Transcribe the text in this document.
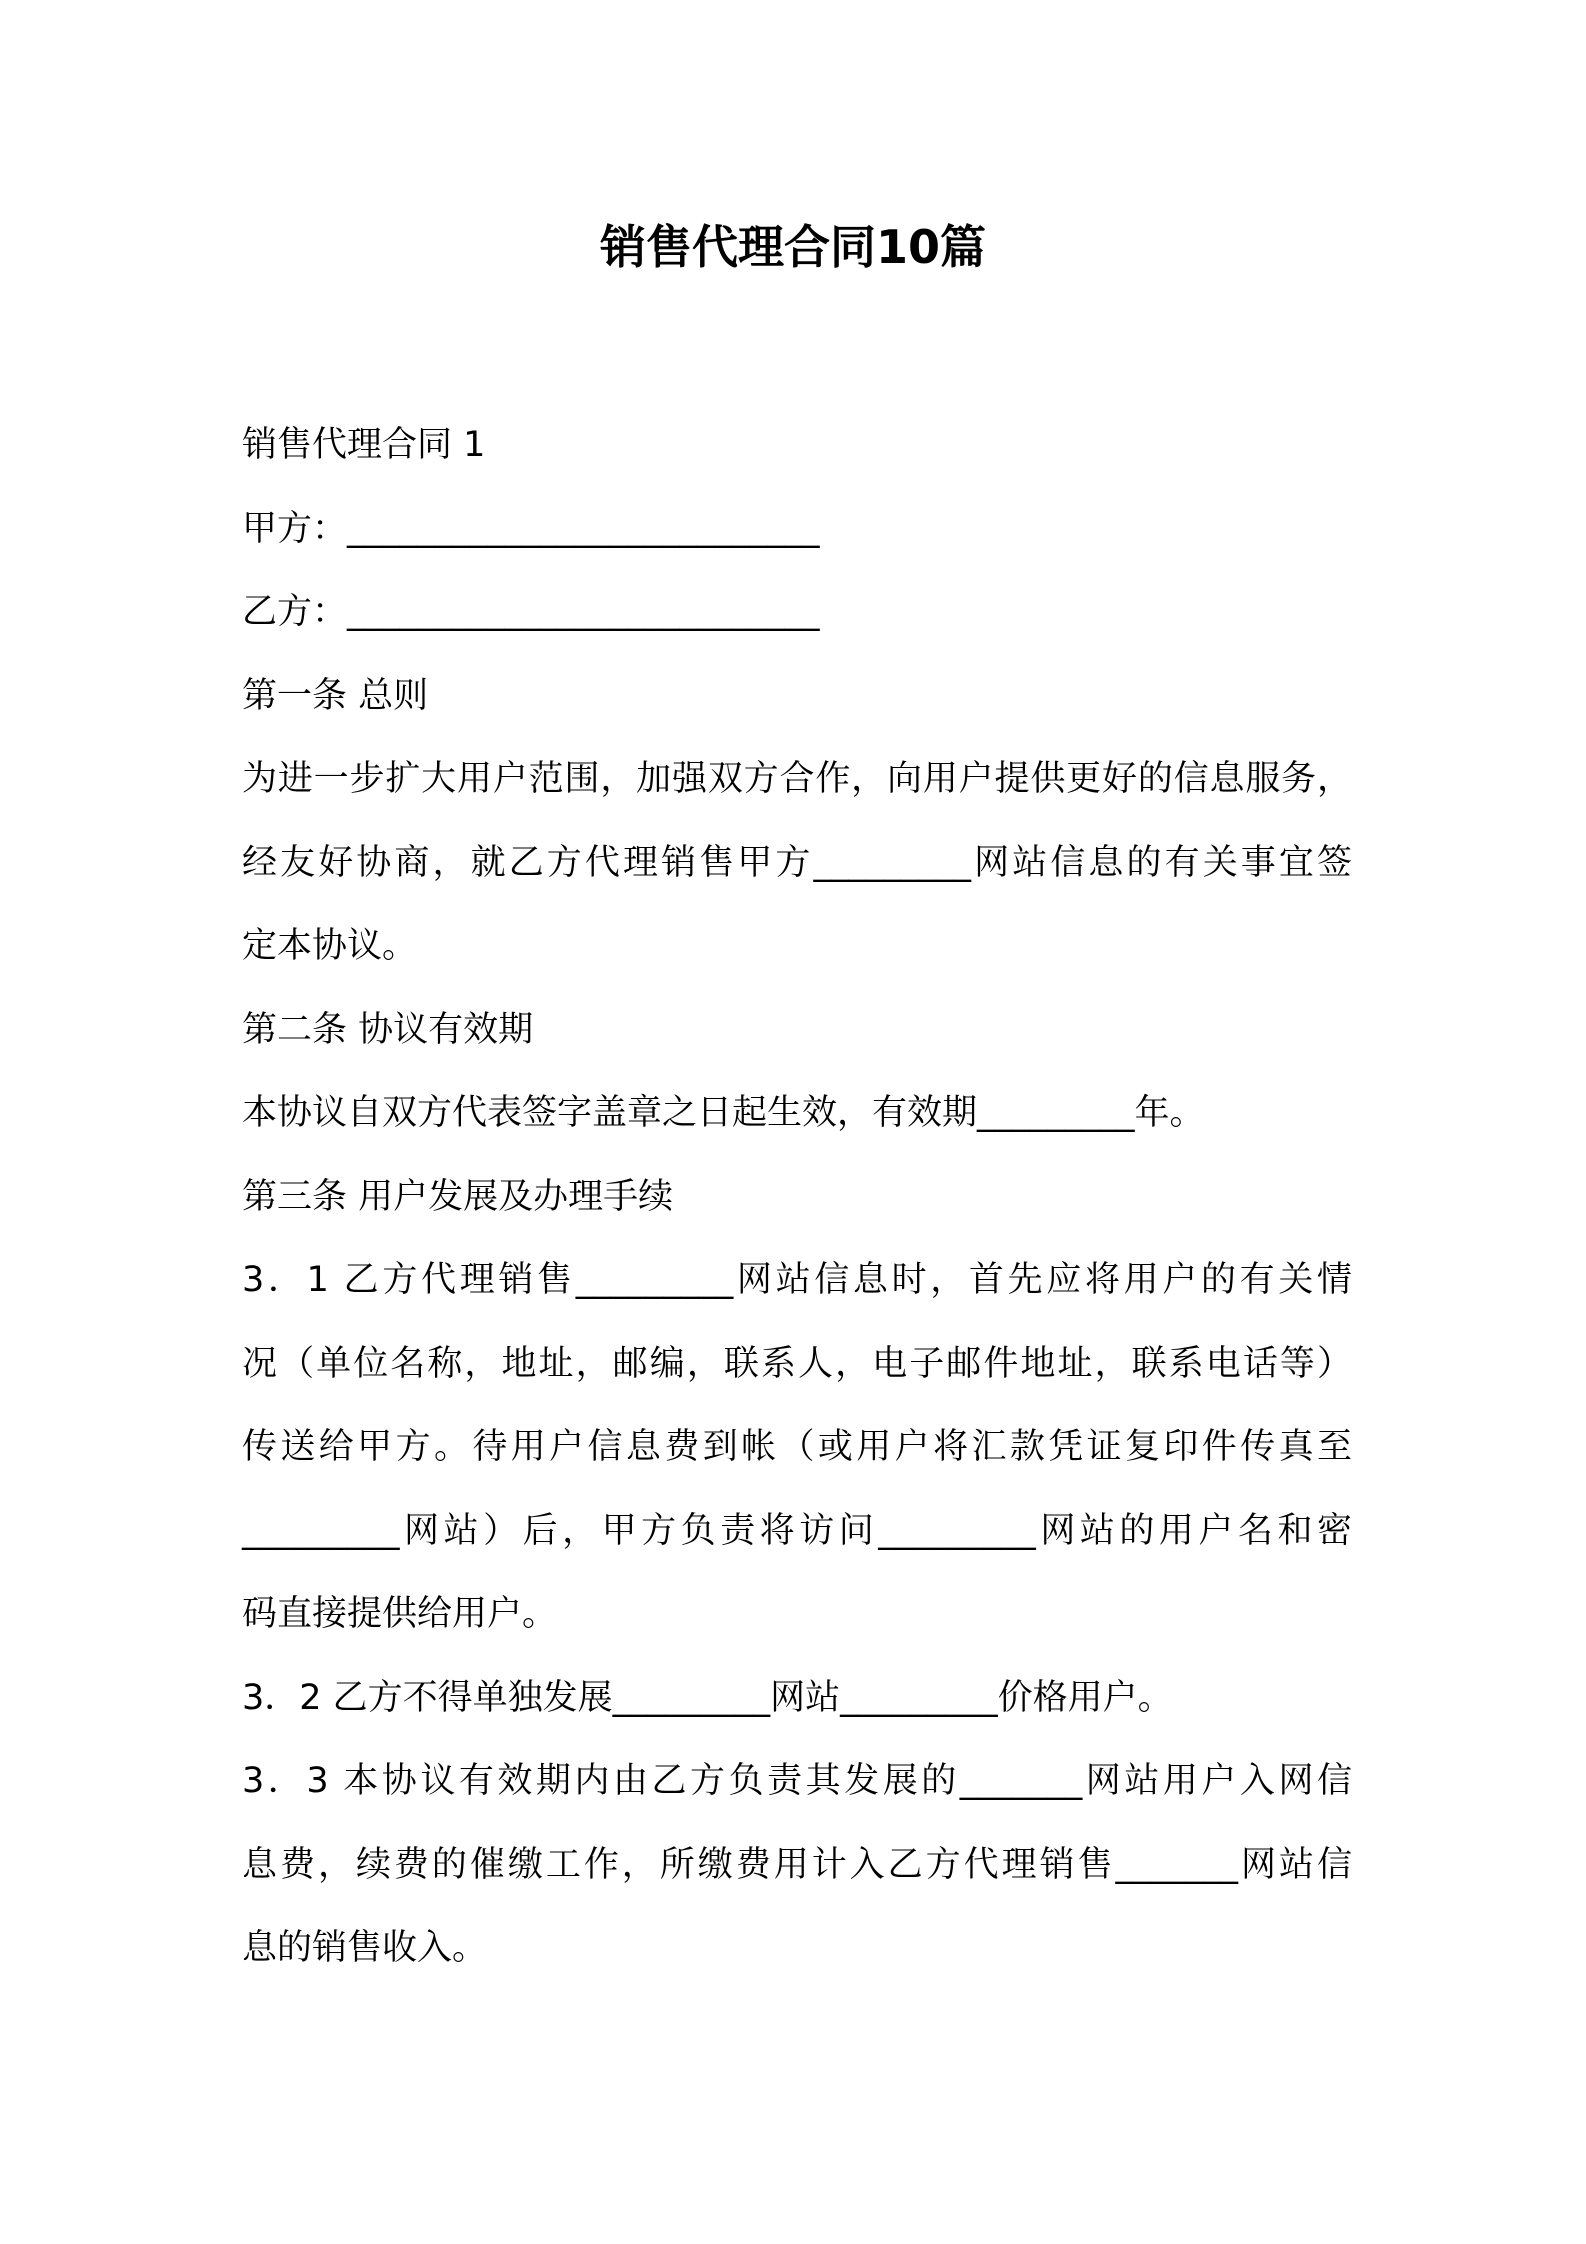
销售代理合同10篇

销售代理合同 1

甲方：___________________________

乙方：___________________________

第一条 总则

为进一步扩大用户范围，加强双方合作，向用户提供更好的信息服务，

经友好协商，就乙方代理销售甲方_________网站信息的有关事宜签

定本协议。

第二条 协议有效期

本协议自双方代表签字盖章之日起生效，有效期_________年。

第三条 用户发展及办理手续

3．1 乙方代理销售_________网站信息时，首先应将用户的有关情

况（单位名称，地址，邮编，联系人，电子邮件地址，联系电话等）

传送给甲方。待用户信息费到帐（或用户将汇款凭证复印件传真至

_________网站）后，甲方负责将访问_________网站的用户名和密

码直接提供给用户。

3．2 乙方不得单独发展_________网站_________价格用户。

3．3 本协议有效期内由乙方负责其发展的_______网站用户入网信

息费，续费的催缴工作，所缴费用计入乙方代理销售_______网站信

息的销售收入。
